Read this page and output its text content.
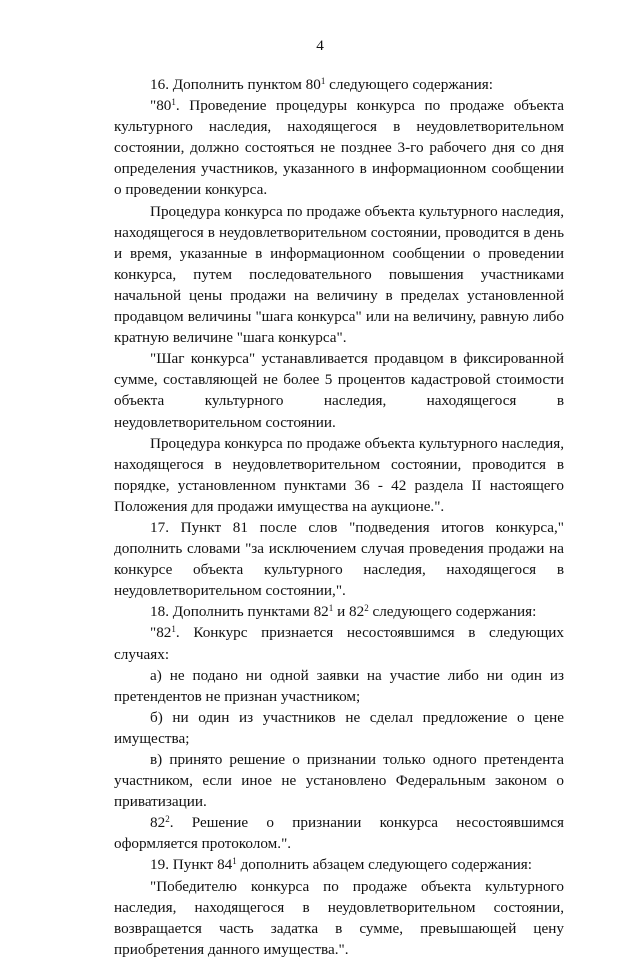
4

16. Дополнить пунктом $80^1$ следующего содержания:

"$80^1$. Проведение процедуры конкурса по продаже объекта культурного наследия, находящегося в неудовлетворительном состоянии, должно состояться не позднее 3-го рабочего дня со дня определения участников, указанного в информационном сообщении о проведении конкурса.

Процедура конкурса по продаже объекта культурного наследия, находящегося в неудовлетворительном состоянии, проводится в день и время, указанные в информационном сообщении о проведении конкурса, путем последовательного повышения участниками начальной цены продажи на величину в пределах установленной продавцом величины "шага конкурса" или на величину, равную либо кратную величине "шага конкурса".

"Шаг конкурса" устанавливается продавцом в фиксированной сумме, составляющей не более 5 процентов кадастровой стоимости объекта культурного наследия, находящегося в неудовлетворительном состоянии.

Процедура конкурса по продаже объекта культурного наследия, находящегося в неудовлетворительном состоянии, проводится в порядке, установленном пунктами 36 - 42 раздела II настоящего Положения для продажи имущества на аукционе.".

17. Пункт 81 после слов "подведения итогов конкурса," дополнить словами "за исключением случая проведения продажи на конкурсе объекта культурного наследия, находящегося в неудовлетворительном состоянии,".

18. Дополнить пунктами $82^1$ и $82^2$ следующего содержания:

"$82^1$. Конкурс признается несостоявшимся в следующих случаях:

а) не подано ни одной заявки на участие либо ни один из претендентов не признан участником;

б) ни один из участников не сделал предложение о цене имущества;

в) принято решение о признании только одного претендента участником, если иное не установлено Федеральным законом о приватизации.

$82^2$. Решение о признании конкурса несостоявшимся оформляется протоколом.".

19. Пункт $84^1$ дополнить абзацем следующего содержания:

"Победителю конкурса по продаже объекта культурного наследия, находящегося в неудовлетворительном состоянии, возвращается часть задатка в сумме, превышающей цену приобретения данного имущества.".
